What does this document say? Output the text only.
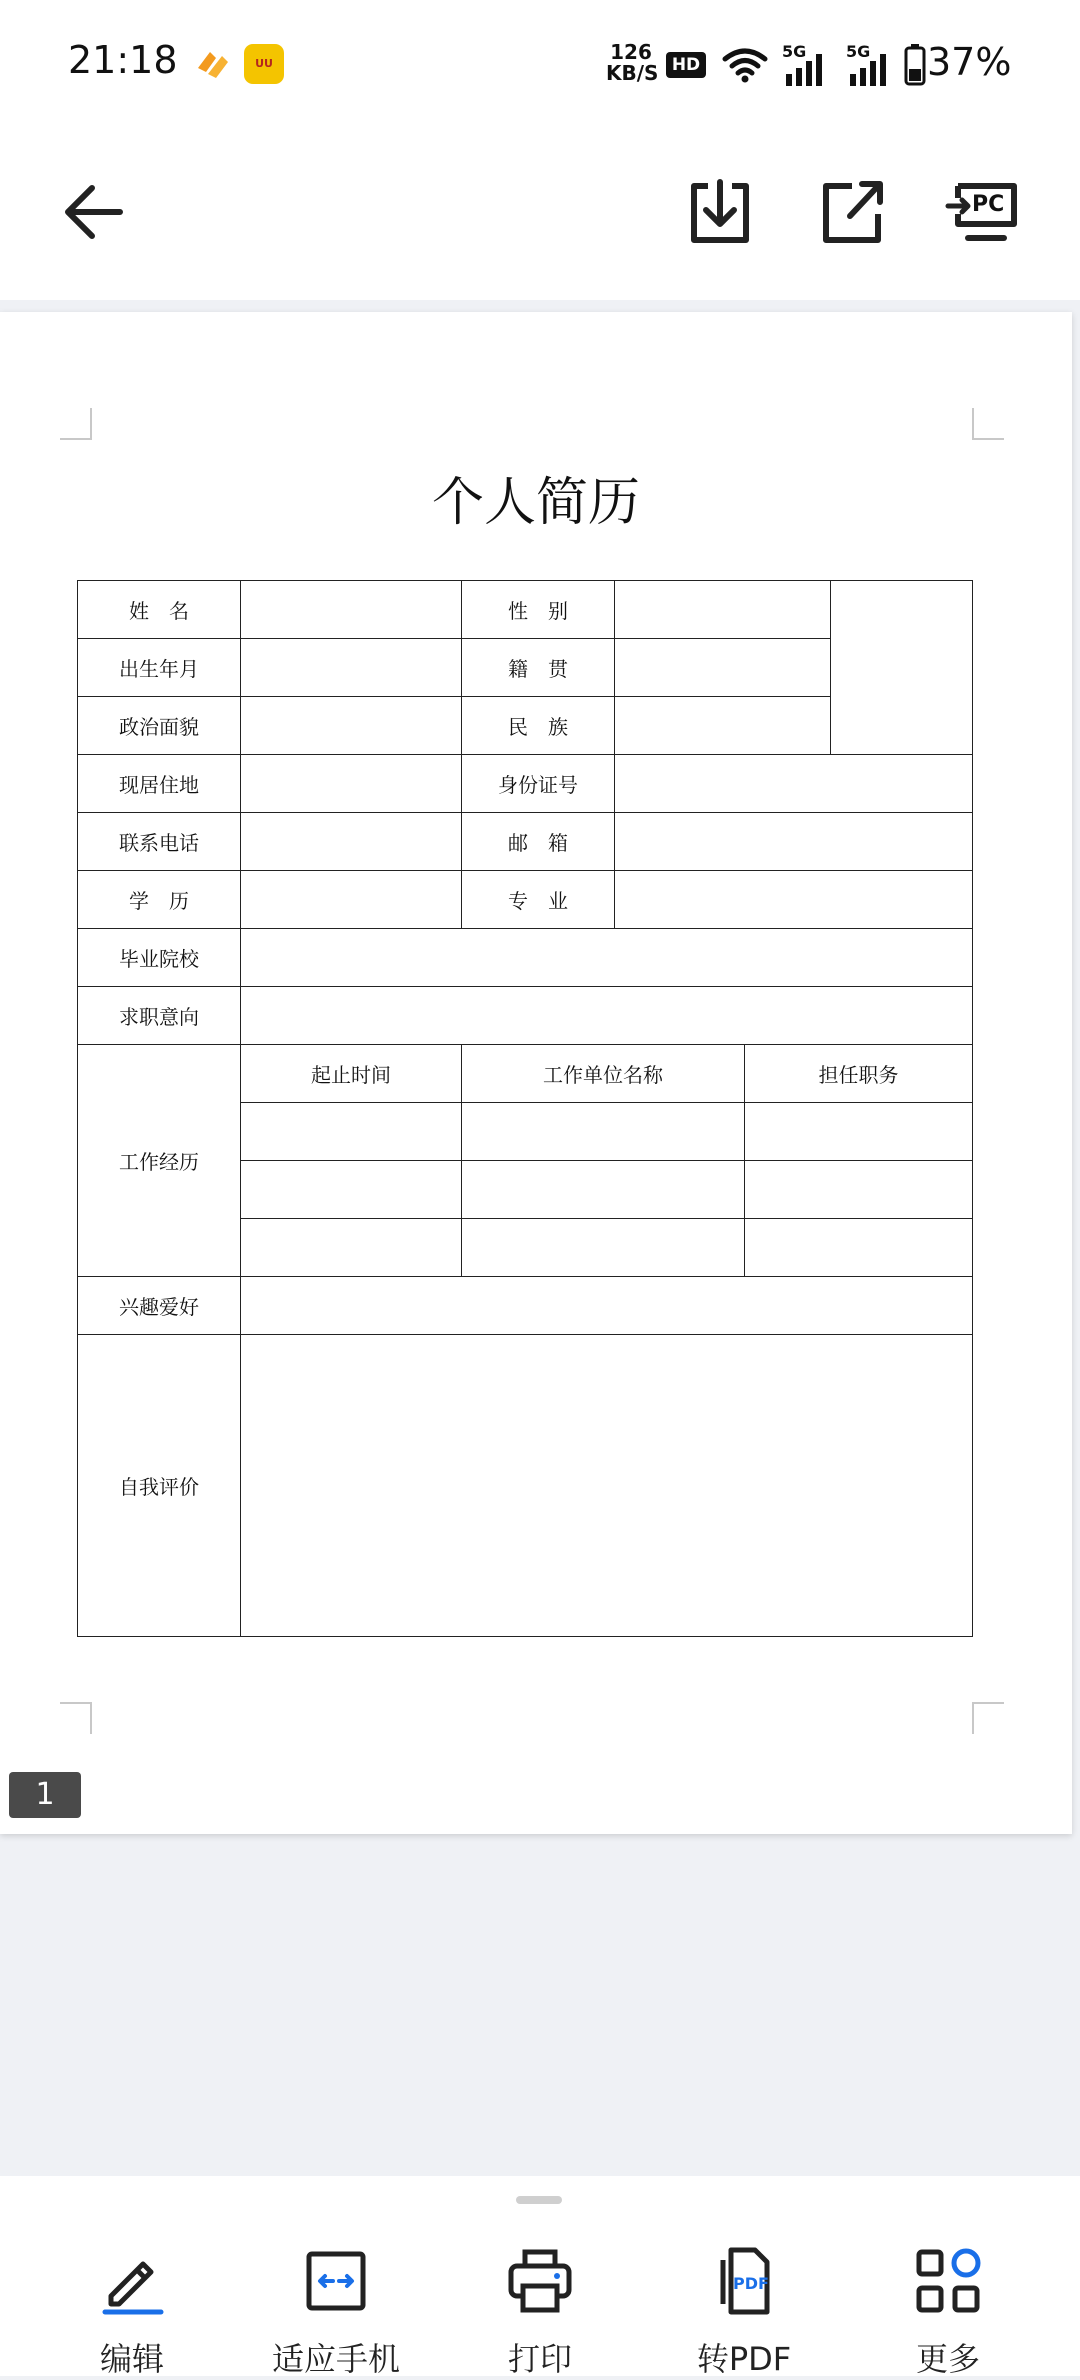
21:18	UU	126
KB/S HD
5G 5G 37%
PC
个人简历
姓　名		性　别			
出生年月		籍　贯			
政治面貌		民　族			
现居住地		身份证号			
联系电话		邮　箱			
学　历		专　业			
毕业院校					
求职意向					
工作经历	起止时间	工作单位名称		担任职务	

兴趣爱好					
自我评价					
1
编辑	适应手机	打印
PDF
转PDF	更多
